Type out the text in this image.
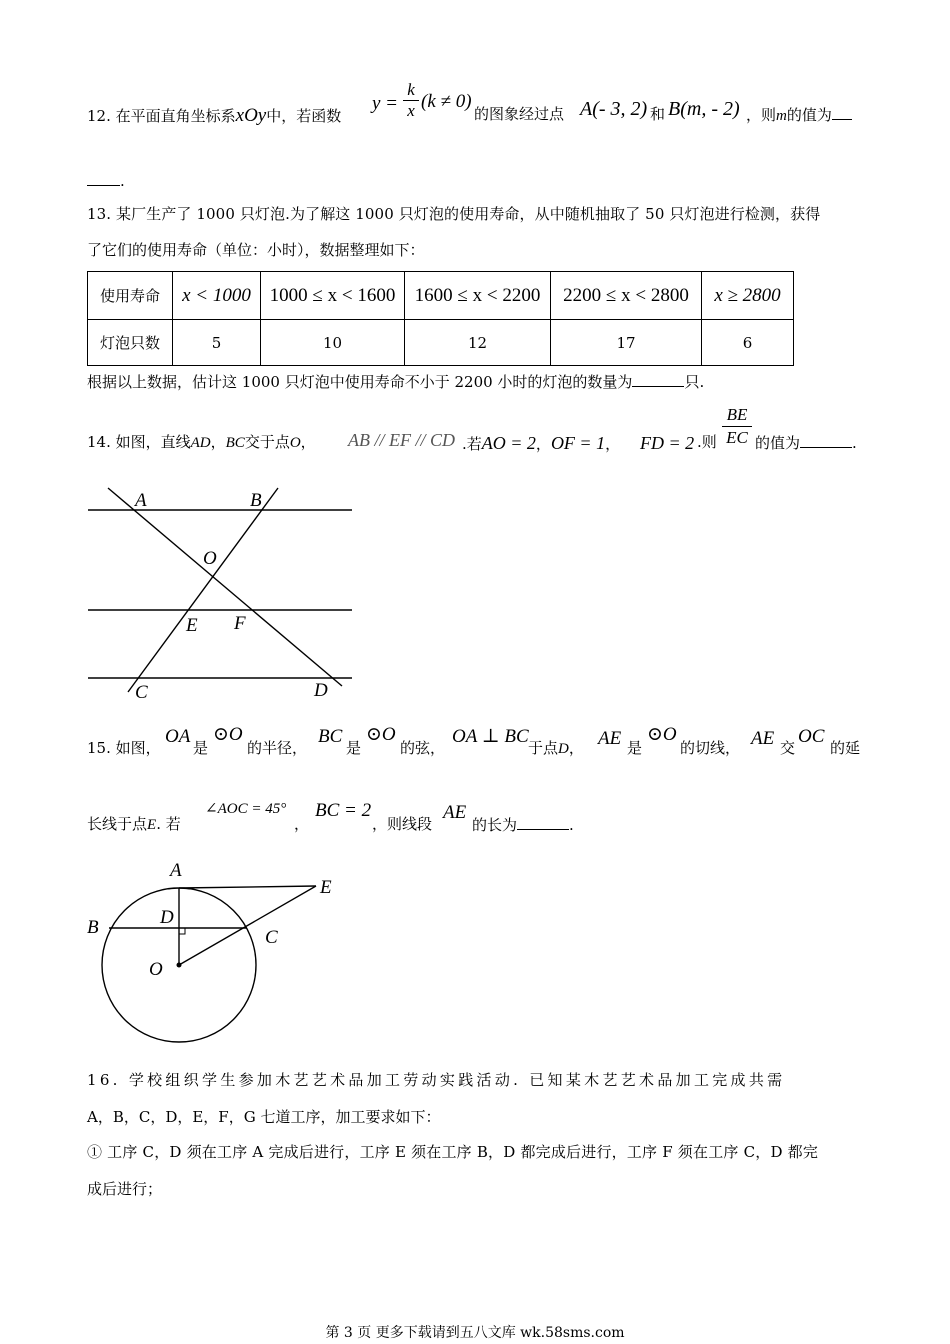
12. 在平面直角坐标系xOy中，若函数
$y = \frac{k}{x} (k \ne 0)$
的图象经过点 A(- 3, 2) 和 B(m, - 2) ，则m的值为
.
13. 某厂生产了 1000 只灯泡.为了解这 1000 只灯泡的使用寿命，从中随机抽取了 50 只灯泡进行检测，获得
了它们的使用寿命（单位：小时），数据整理如下：
使用寿命	x < 1000	1000 ≤ x < 1600	1600 ≤ x < 2200	2200 ≤ x < 2800	x ≥ 2800
灯泡只数	5	10	12	17	6
根据以上数据，估计这 1000 只灯泡中使用寿命不小于 2200 小时的灯泡的数量为	只.
14. 如图，直线AD，BC交于点O， AB // EF // CD .若AO = 2，OF = 1， FD = 2 .则 $\frac{BE}{EC}$ 的值为	.
A	B
O
E F
C	D
15. 如图，
OA
是
⊙O
的半径，
BC
是
⊙O
的弦，
OA ⊥ BC
于点D， AE 是
⊙O
的切线， AE 交
OC
的延
长线于点E. 若
∠AOC = 45°
，
BC = 2
，则线段
AE
的长为	.
A
E
D
B	C
O
16. 学校组织学生参加木艺艺术品加工劳动实践活动. 已知某木艺艺术品加工完成共需
A，B，C，D，E，F，G 七道工序，加工要求如下：
① 工序 C，D 须在工序 A 完成后进行，工序 E 须在工序 B，D 都完成后进行，工序 F 须在工序 C，D 都完
成后进行；
第 3 页 更多下载请到五八文库 wk.58sms.com
